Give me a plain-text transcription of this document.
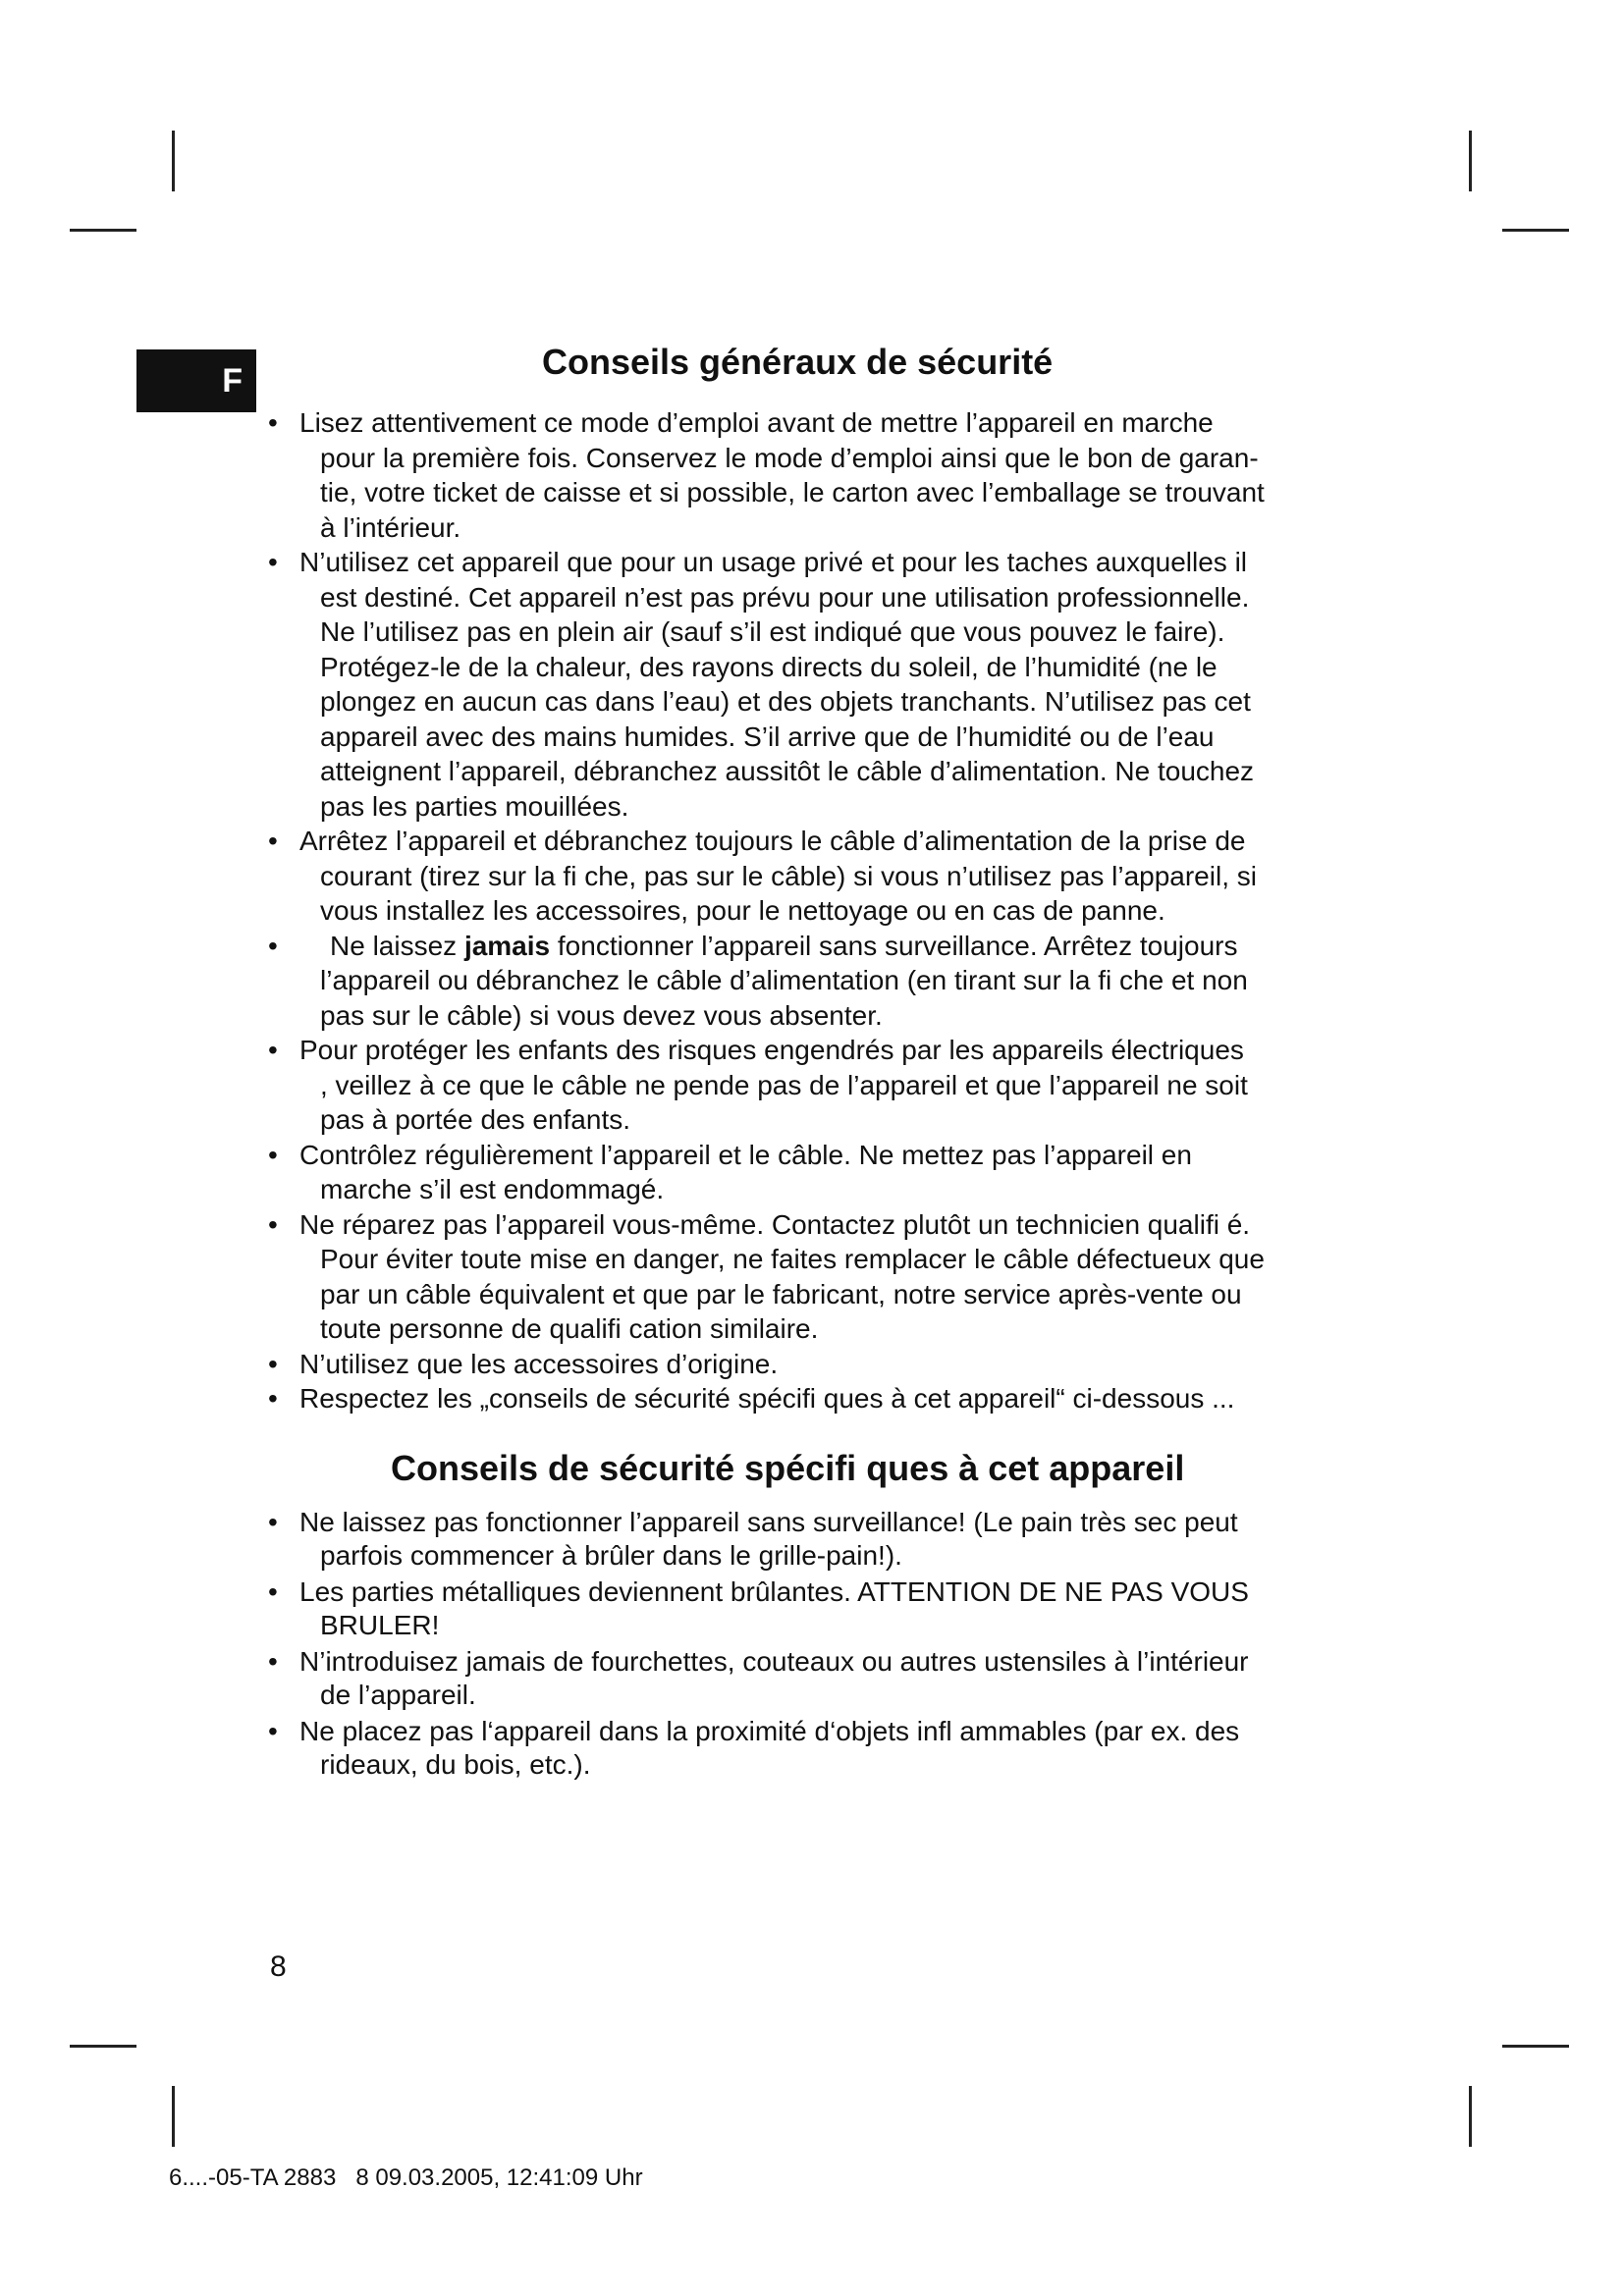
F	Conseils généraux de sécurité
• Lisez attentivement ce mode d’emploi avant de mettre l’appareil en marche
pour la première fois. Conservez le mode d’emploi ainsi que le bon de garan-
tie, votre ticket de caisse et si possible, le carton avec l’emballage se trouvant
à l’intérieur.
• N’utilisez cet appareil que pour un usage privé et pour les taches auxquelles il
est destiné. Cet appareil n’est pas prévu pour une utilisation professionnelle.
Ne l’utilisez pas en plein air (sauf s’il est indiqué que vous pouvez le faire).
Protégez-le de la chaleur, des rayons directs du soleil, de l’humidité (ne le
plongez en aucun cas dans l’eau) et des objets tranchants. N’utilisez pas cet
appareil avec des mains humides. S’il arrive que de l’humidité ou de l’eau
atteignent l’appareil, débranchez aussitôt le câble d’alimentation. Ne touchez
pas les parties mouillées.
• Arrêtez l’appareil et débranchez toujours le câble d’alimentation de la prise de
courant (tirez sur la fi che, pas sur le câble) si vous n’utilisez pas l’appareil, si
vous installez les accessoires, pour le nettoyage ou en cas de panne.
• Ne laissez jamais fonctionner l’appareil sans surveillance. Arrêtez toujours
l’appareil ou débranchez le câble d’alimentation (en tirant sur la fi che et non
pas sur le câble) si vous devez vous absenter.
• Pour protéger les enfants des risques engendrés par les appareils électriques
, veillez à ce que le câble ne pende pas de l’appareil et que l’appareil ne soit
pas à portée des enfants.
• Contrôlez régulièrement l’appareil et le câble. Ne mettez pas l’appareil en
marche s’il est endommagé.
• Ne réparez pas l’appareil vous-même. Contactez plutôt un technicien qualifi é.
Pour éviter toute mise en danger, ne faites remplacer le câble défectueux que
par un câble équivalent et que par le fabricant, notre service après-vente ou
toute personne de qualifi cation similaire.
• N’utilisez que les accessoires d’origine.
• Respectez les „conseils de sécurité spécifi ques à cet appareil“ ci-dessous ...
Conseils de sécurité spécifi ques à cet appareil
• Ne laissez pas fonctionner l’appareil sans surveillance! (Le pain très sec peut
parfois commencer à brûler dans le grille-pain!).
• Les parties métalliques deviennent brûlantes. ATTENTION DE NE PAS VOUS
BRULER!
• N’introduisez jamais de fourchettes, couteaux ou autres ustensiles à l’intérieur
de l’appareil.
• Ne placez pas l‘appareil dans la proximité d‘objets infl ammables (par ex. des
rideaux, du bois, etc.).
8
6....-05-TA 2883   8 09.03.2005, 12:41:09 Uhr
